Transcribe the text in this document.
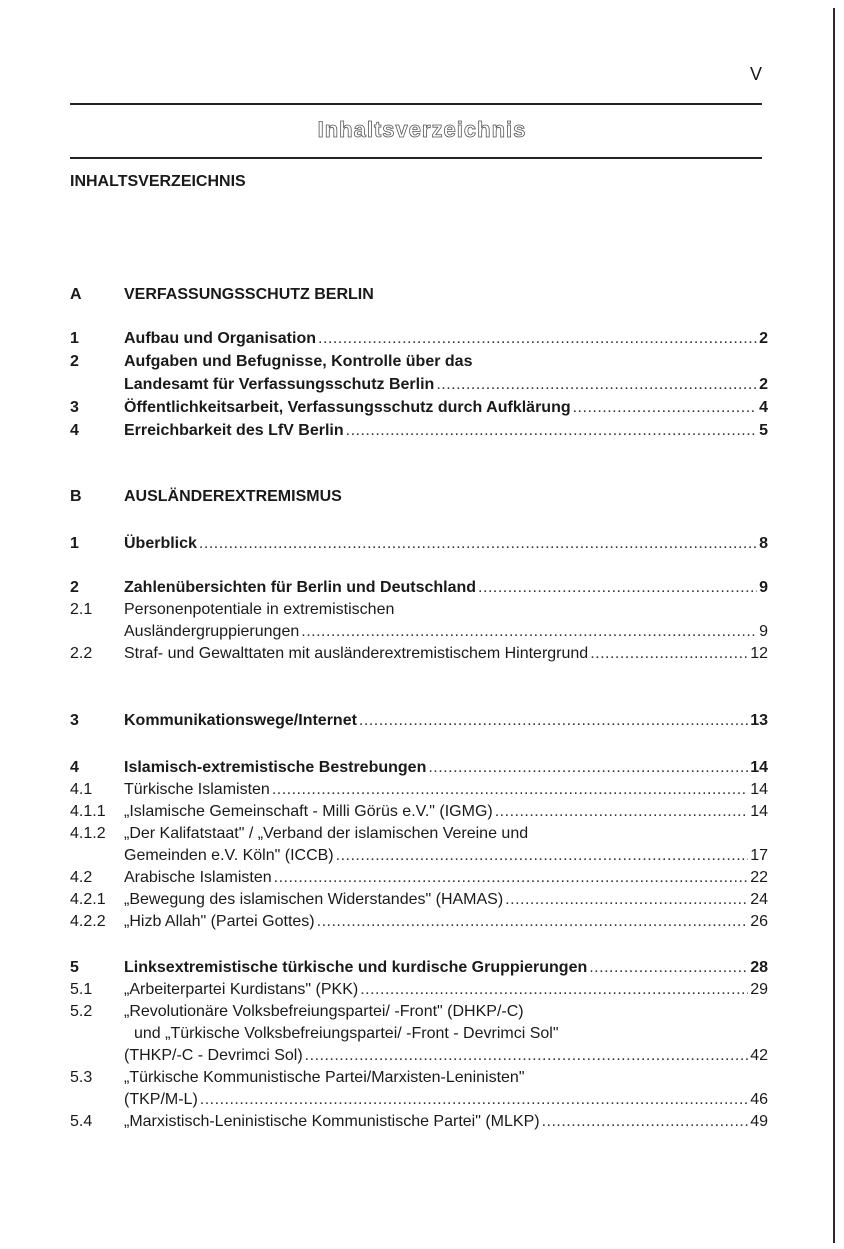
V
Inhaltsverzeichnis
INHALTSVERZEICHNIS
A	VERFASSUNGSSCHUTZ BERLIN
1	Aufbau und Organisation .....	2
2	Aufgaben und Befugnisse, Kontrolle über das
Landesamt für Verfassungsschutz Berlin .....	2
3	Öffentlichkeitsarbeit, Verfassungsschutz durch Aufklärung .....	4
4	Erreichbarkeit des LfV Berlin .....	5
B	AUSLÄNDEREXTREMISMUS
1	Überblick .....	8
2	Zahlenübersichten für Berlin und Deutschland .....	9
2.1 Personenpotentiale in extremistischen
Ausländergruppierungen .....	9
2.2 Straf- und Gewalttaten mit ausländerextremistischem Hintergrund .....	12
3	Kommunikationswege/Internet .....	13
4	Islamisch-extremistische Bestrebungen .....	14
4.1 Türkische Islamisten .....	14
4.1.1 „Islamische Gemeinschaft - Milli Görüs e.V." (IGMG) .....	14
4.1.2 „Der Kalifatstaat" / „Verband der islamischen Vereine und
Gemeinden e.V. Köln" (ICCB) .....	17
4.2 Arabische Islamisten .....	22
4.2.1 „Bewegung des islamischen Widerstandes" (HAMAS) .....	24
4.2.2 „Hizb Allah" (Partei Gottes) .....	26
5	Linksextremistische türkische und kurdische Gruppierungen .....	28
5.1 „Arbeiterpartei Kurdistans" (PKK) .....	29
5.2 „Revolutionäre Volksbefreiungspartei/ -Front" (DHKP/-C)
und „Türkische Volksbefreiungspartei/ -Front - Devrimci Sol"
(THKP/-C - Devrimci Sol) .....	42
5.3 „Türkische Kommunistische Partei/Marxisten-Leninisten"
(TKP/M-L) .....	46
5.4 „Marxistisch-Leninistische Kommunistische Partei" (MLKP) .....	49
